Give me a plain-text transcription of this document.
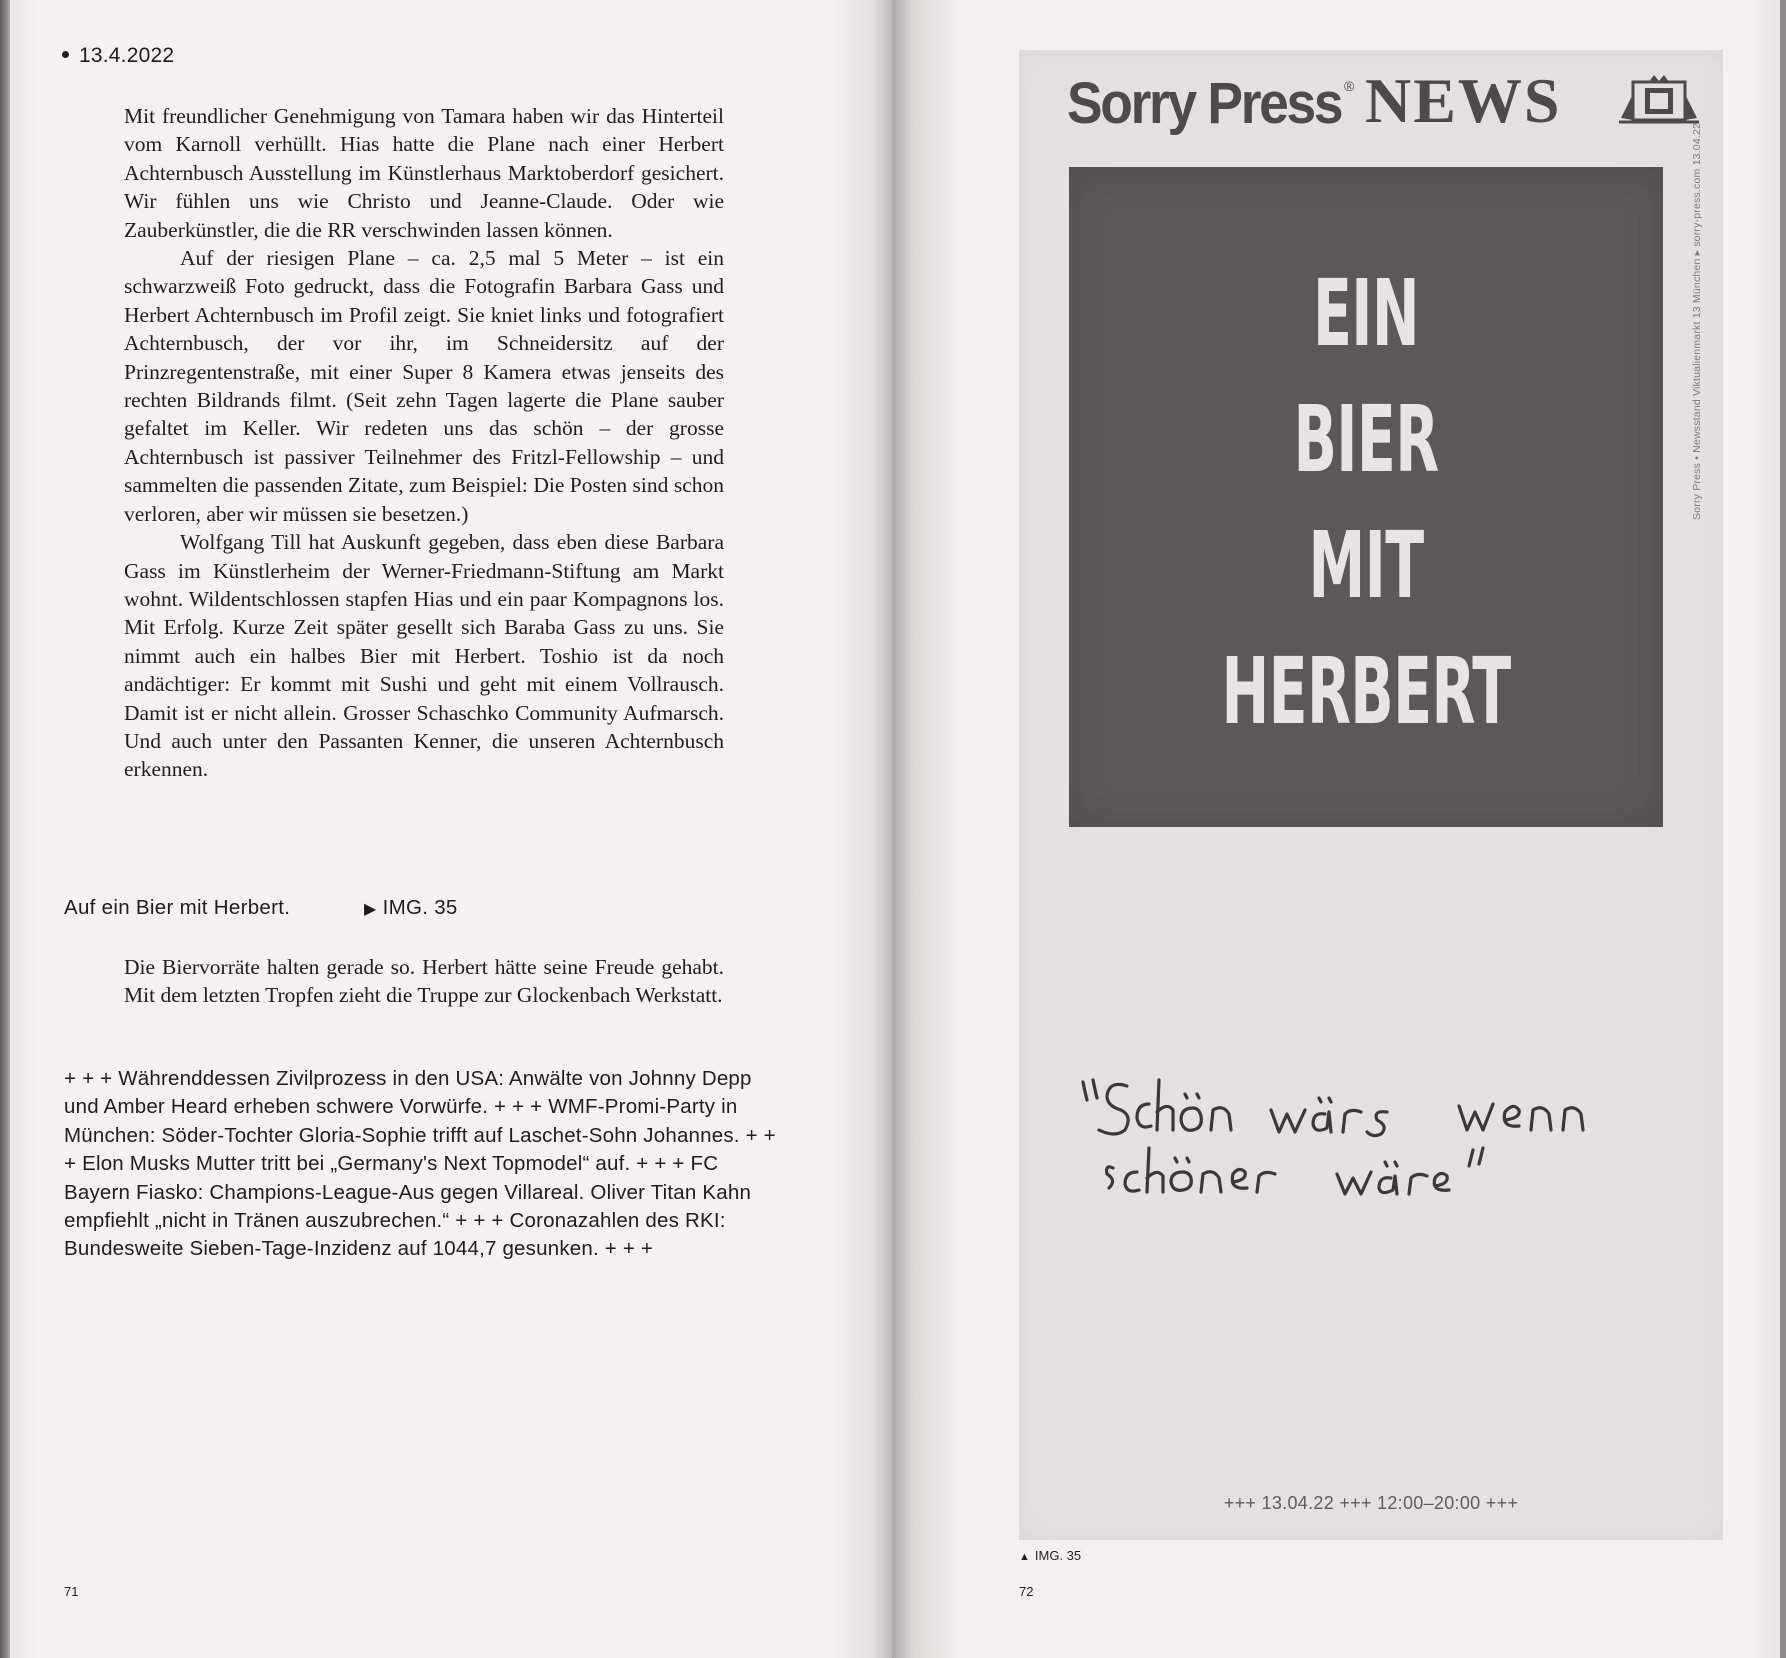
13.4.2022

Mit freundlicher Genehmigung von Tamara haben wir das Hinterteil vom Karnoll verhüllt. Hias hatte die Plane nach einer Herbert Achternbusch Ausstellung im Künstlerhaus Marktoberdorf gesichert. Wir fühlen uns wie Christo und Jeanne-Claude. Oder wie Zauberkünstler, die die RR verschwinden lassen können.

Auf der riesigen Plane – ca. 2,5 mal 5 Meter – ist ein schwarzweiß Foto gedruckt, dass die Fotografin Barbara Gass und Herbert Achternbusch im Profil zeigt. Sie kniet links und fotografiert Achternbusch, der vor ihr, im Schneidersitz auf der Prinzregentenstraße, mit einer Super 8 Kamera etwas jenseits des rechten Bildrands filmt. (Seit zehn Tagen lagerte die Plane sauber gefaltet im Keller. Wir redeten uns das schön – der grosse Achternbusch ist passiver Teilnehmer des Fritzl-Fellowship – und sammelten die passenden Zitate, zum Beispiel: Die Posten sind schon verloren, aber wir müssen sie besetzen.)

Wolfgang Till hat Auskunft gegeben, dass eben diese Barbara Gass im Künstlerheim der Werner-Friedmann-Stiftung am Markt wohnt. Wildentschlossen stapfen Hias und ein paar Kompagnons los. Mit Erfolg. Kurze Zeit später gesellt sich Baraba Gass zu uns. Sie nimmt auch ein halbes Bier mit Herbert. Toshio ist da noch andächtiger: Er kommt mit Sushi und geht mit einem Vollrausch. Damit ist er nicht allein. Grosser Schaschko Community Aufmarsch. Und auch unter den Passanten Kenner, die unseren Achternbusch erkennen.

Auf ein Bier mit Herbert.	▶ IMG. 35

Die Biervorräte halten gerade so. Herbert hätte seine Freude gehabt. Mit dem letzten Tropfen zieht die Truppe zur Glockenbach Werkstatt.

+ + + Währenddessen Zivilprozess in den USA: Anwälte von Johnny Depp und Amber Heard erheben schwere Vorwürfe. + + + WMF-Promi-Party in München: Söder-Tochter Gloria-Sophie trifft auf Laschet-Sohn Johannes. + + + Elon Musks Mutter tritt bei „Germany's Next Topmodel“ auf. + + + FC Bayern Fiasko: Champions-League-Aus gegen Villareal. Oliver Titan Kahn empfiehlt „nicht in Tränen auszubrechen.“ + + + Coronazahlen des RKI: Bundesweite Sieben-Tage-Inzidenz auf 1044,7 gesunken. + + +

71
Sorry Press ® NEWS
Sorry Press • Newsstand Viktualienmarkt 13 München ▸ sorry-press.com 13.04.22
EIN
BIER
MIT
HERBERT
+++ 13.04.22 +++ 12:00–20:00 +++
▲ IMG. 35
72
